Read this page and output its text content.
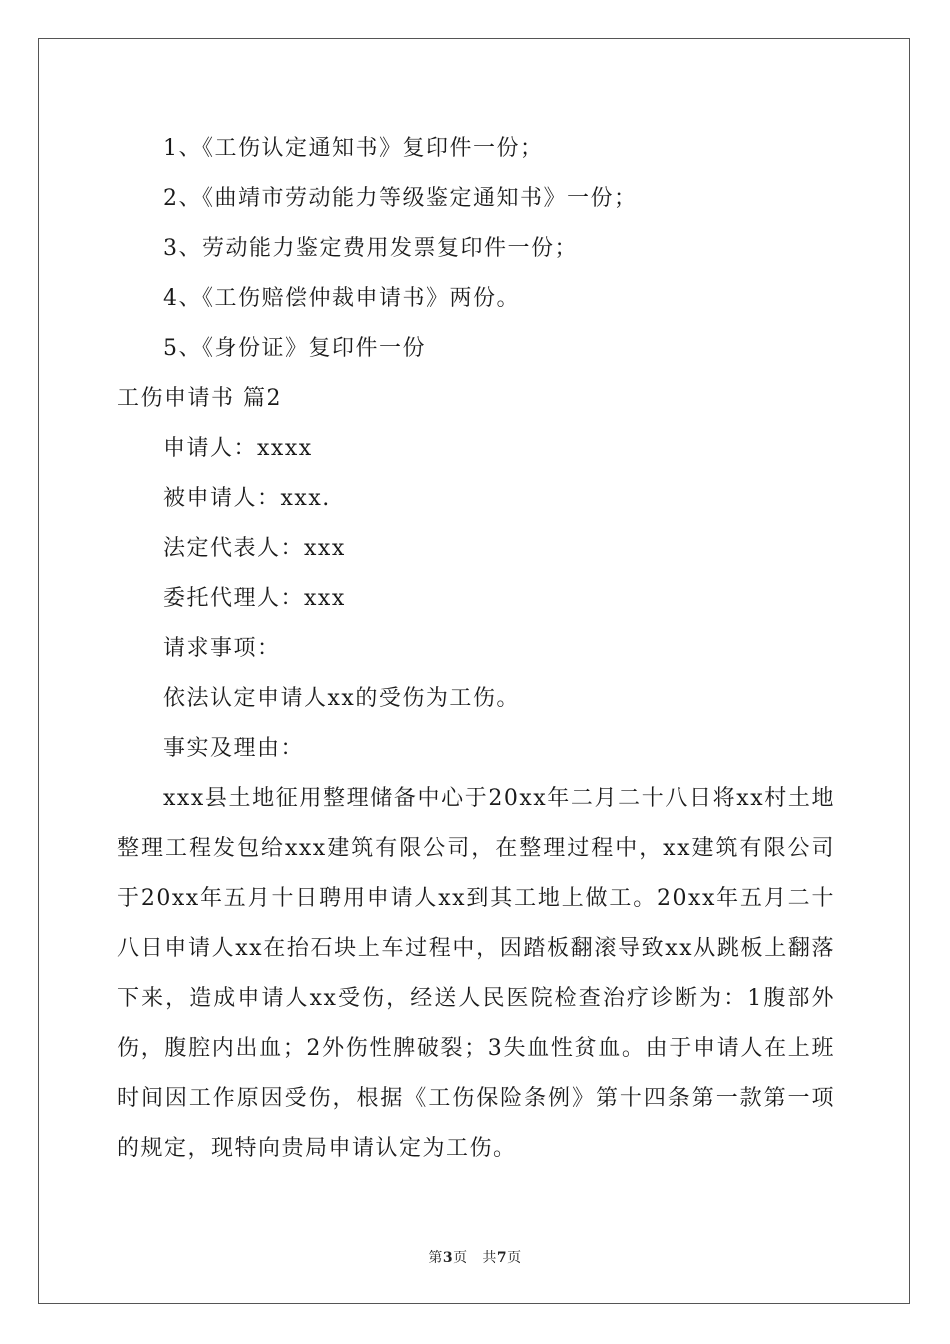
1、《工伤认定通知书》复印件一份；
2、《曲靖市劳动能力等级鉴定通知书》一份；
3、劳动能力鉴定费用发票复印件一份；
4、《工伤赔偿仲裁申请书》两份。
5、《身份证》复印件一份
工伤申请书 篇2
申请人：xxxx
被申请人：xxx.
法定代表人：xxx
委托代理人：xxx
请求事项：
依法认定申请人xx的受伤为工伤。
事实及理由：

xxx县土地征用整理储备中心于20xx年二月二十八日将xx村土地整理工程发包给xxx建筑有限公司，在整理过程中，xx建筑有限公司于20xx年五月十日聘用申请人xx到其工地上做工。20xx年五月二十八日申请人xx在抬石块上车过程中，因踏板翻滚导致xx从跳板上翻落下来，造成申请人xx受伤，经送人民医院检查治疗诊断为：1腹部外伤，腹腔内出血；2外伤性脾破裂；3失血性贫血。由于申请人在上班时间因工作原因受伤，根据《工伤保险条例》第十四条第一款第一项的规定，现特向贵局申请认定为工伤。

第3页 共7页
